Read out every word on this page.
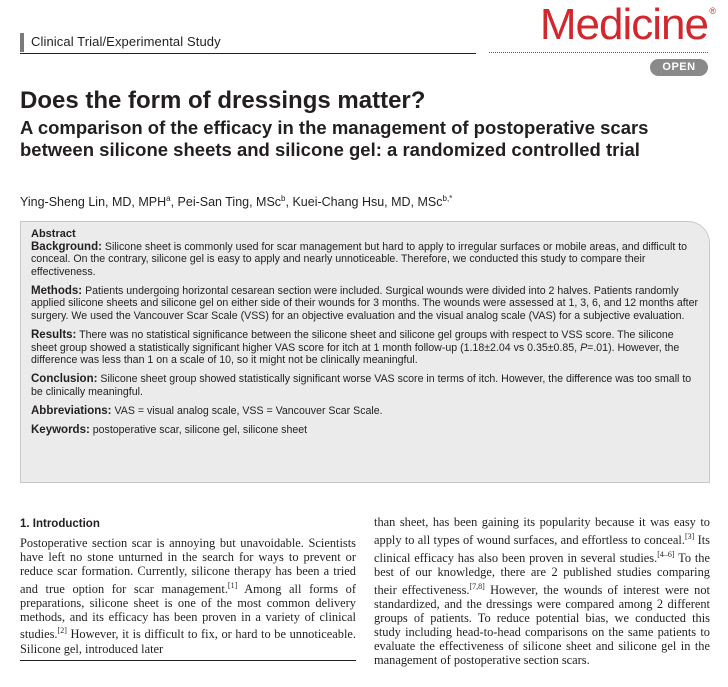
Clinical Trial/Experimental Study	Medicine ®
OPEN
Does the form of dressings matter?
A comparison of the efficacy in the management of postoperative scars between silicone sheets and silicone gel: a randomized controlled trial
Ying-Sheng Lin, MD, MPH$^a$, Pei-San Ting, MSc$^b$, Kuei-Chang Hsu, MD, MSc$^{b,*}$
Abstract

Background: Silicone sheet is commonly used for scar management but hard to apply to irregular surfaces or mobile areas, and difficult to conceal. On the contrary, silicone gel is easy to apply and nearly unnoticeable. Therefore, we conducted this study to compare their effectiveness.

Methods: Patients undergoing horizontal cesarean section were included. Surgical wounds were divided into 2 halves. Patients randomly applied silicone sheets and silicone gel on either side of their wounds for 3 months. The wounds were assessed at 1, 3, 6, and 12 months after surgery. We used the Vancouver Scar Scale (VSS) for an objective evaluation and the visual analog scale (VAS) for a subjective evaluation.

Results: There was no statistical significance between the silicone sheet and silicone gel groups with respect to VSS score. The silicone sheet group showed a statistically significant higher VAS score for itch at 1 month follow-up (1.18±2.04 vs 0.35±0.85, P=.01). However, the difference was less than 1 on a scale of 10, so it might not be clinically meaningful.

Conclusion: Silicone sheet group showed statistically significant worse VAS score in terms of itch. However, the difference was too small to be clinically meaningful.

Abbreviations: VAS = visual analog scale, VSS = Vancouver Scar Scale.

Keywords: postoperative scar, silicone gel, silicone sheet

1. Introduction
Postoperative section scar is annoying but unavoidable. Scientists have left no stone unturned in the search for ways to prevent or reduce scar formation. Currently, silicone therapy has been a tried and true option for scar management.[1] Among all forms of preparations, silicone sheet is one of the most common delivery methods, and its efficacy has been proven in a variety of clinical studies.[2] However, it is difficult to fix, or hard to be unnoticeable. Silicone gel, introduced later
than sheet, has been gaining its popularity because it was easy to apply to all types of wound surfaces, and effortless to conceal.[3] Its clinical efficacy has also been proven in several studies.[4–6] To the best of our knowledge, there are 2 published studies comparing their effectiveness.[7,8] However, the wounds of interest were not standardized, and the dressings were compared among 2 different groups of patients. To reduce potential bias, we conducted this study including head-to-head comparisons on the same patients to evaluate the effectiveness of silicone sheet and silicone gel in the management of postoperative section scars.
